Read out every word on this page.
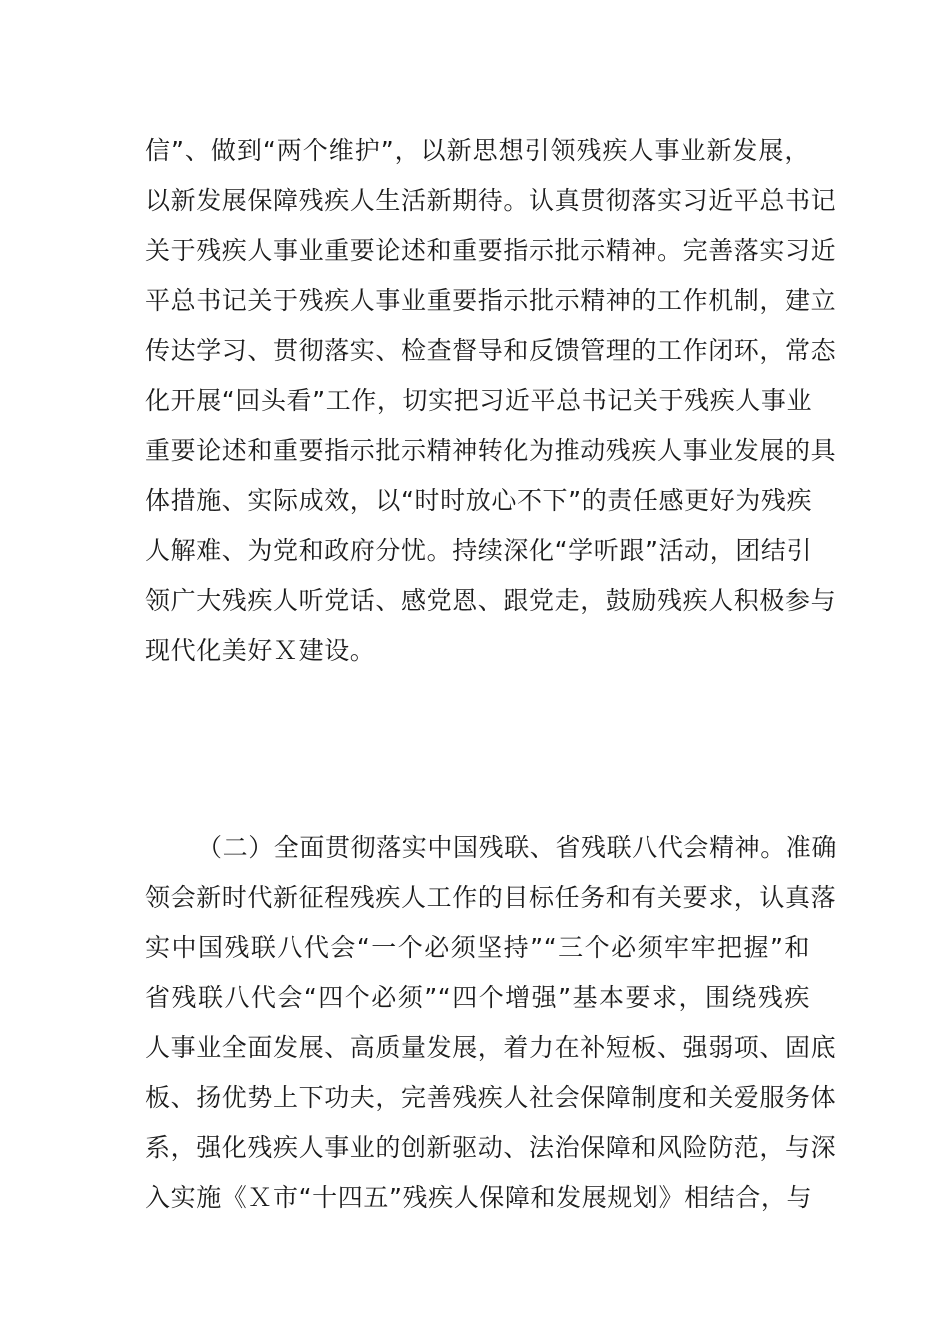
信”、做到“两个维护”，以新思想引领残疾人事业新发展，
以新发展保障残疾人生活新期待。认真贯彻落实习近平总书记
关于残疾人事业重要论述和重要指示批示精神。完善落实习近
平总书记关于残疾人事业重要指示批示精神的工作机制，建立
传达学习、贯彻落实、检查督导和反馈管理的工作闭环，常态
化开展“回头看”工作，切实把习近平总书记关于残疾人事业
重要论述和重要指示批示精神转化为推动残疾人事业发展的具
体措施、实际成效，以“时时放心不下”的责任感更好为残疾
人解难、为党和政府分忧。持续深化“学听跟”活动，团结引
领广大残疾人听党话、感党恩、跟党走，鼓励残疾人积极参与
现代化美好Ｘ建设。
（二）全面贯彻落实中国残联、省残联八代会精神。准确
领会新时代新征程残疾人工作的目标任务和有关要求，认真落
实中国残联八代会“一个必须坚持”“三个必须牢牢把握”和
省残联八代会“四个必须”“四个增强”基本要求，围绕残疾
人事业全面发展、高质量发展，着力在补短板、强弱项、固底
板、扬优势上下功夫，完善残疾人社会保障制度和关爱服务体
系，强化残疾人事业的创新驱动、法治保障和风险防范，与深
入实施《Ｘ市“十四五”残疾人保障和发展规划》相结合，与
